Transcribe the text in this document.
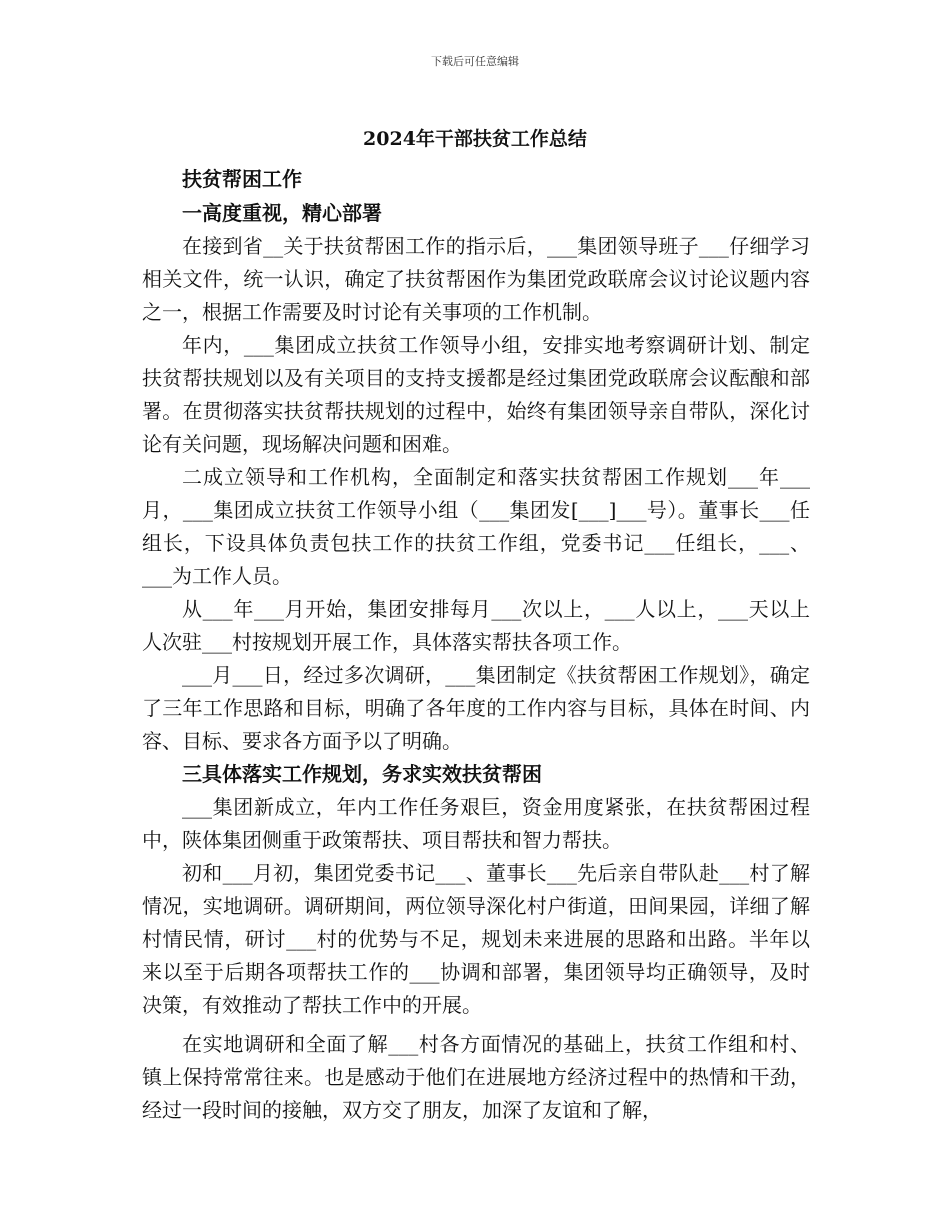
下载后可任意编辑
2024年干部扶贫工作总结
扶贫帮困工作
一高度重视，精心部署

在接到省__关于扶贫帮困工作的指示后，___集团领导班子___仔细学习相关文件，统一认识，确定了扶贫帮困作为集团党政联席会议讨论议题内容之一，根据工作需要及时讨论有关事项的工作机制。

年内，___集团成立扶贫工作领导小组，安排实地考察调研计划、制定扶贫帮扶规划以及有关项目的支持支援都是经过集团党政联席会议酝酿和部署。在贯彻落实扶贫帮扶规划的过程中，始终有集团领导亲自带队，深化讨论有关问题，现场解决问题和困难。

二成立领导和工作机构，全面制定和落实扶贫帮困工作规划___年___月，___集团成立扶贫工作领导小组（___集团发[___]___号）。董事长___任组长，下设具体负责包扶工作的扶贫工作组，党委书记___任组长，___、___为工作人员。

从___年___月开始，集团安排每月___次以上，___人以上，___天以上人次驻___村按规划开展工作，具体落实帮扶各项工作。

___月___日，经过多次调研，___集团制定《扶贫帮困工作规划》，确定了三年工作思路和目标，明确了各年度的工作内容与目标，具体在时间、内容、目标、要求各方面予以了明确。

三具体落实工作规划，务求实效扶贫帮困

___集团新成立，年内工作任务艰巨，资金用度紧张，在扶贫帮困过程中，陕体集团侧重于政策帮扶、项目帮扶和智力帮扶。

初和___月初，集团党委书记___、董事长___先后亲自带队赴___村了解情况，实地调研。调研期间，两位领导深化村户街道，田间果园，详细了解村情民情，研讨___村的优势与不足，规划未来进展的思路和出路。半年以来以至于后期各项帮扶工作的___协调和部署，集团领导均正确领导，及时决策，有效推动了帮扶工作中的开展。

在实地调研和全面了解___村各方面情况的基础上，扶贫工作组和村、镇上保持常常往来。也是感动于他们在进展地方经济过程中的热情和干劲，经过一段时间的接触，双方交了朋友，加深了友谊和了解，
